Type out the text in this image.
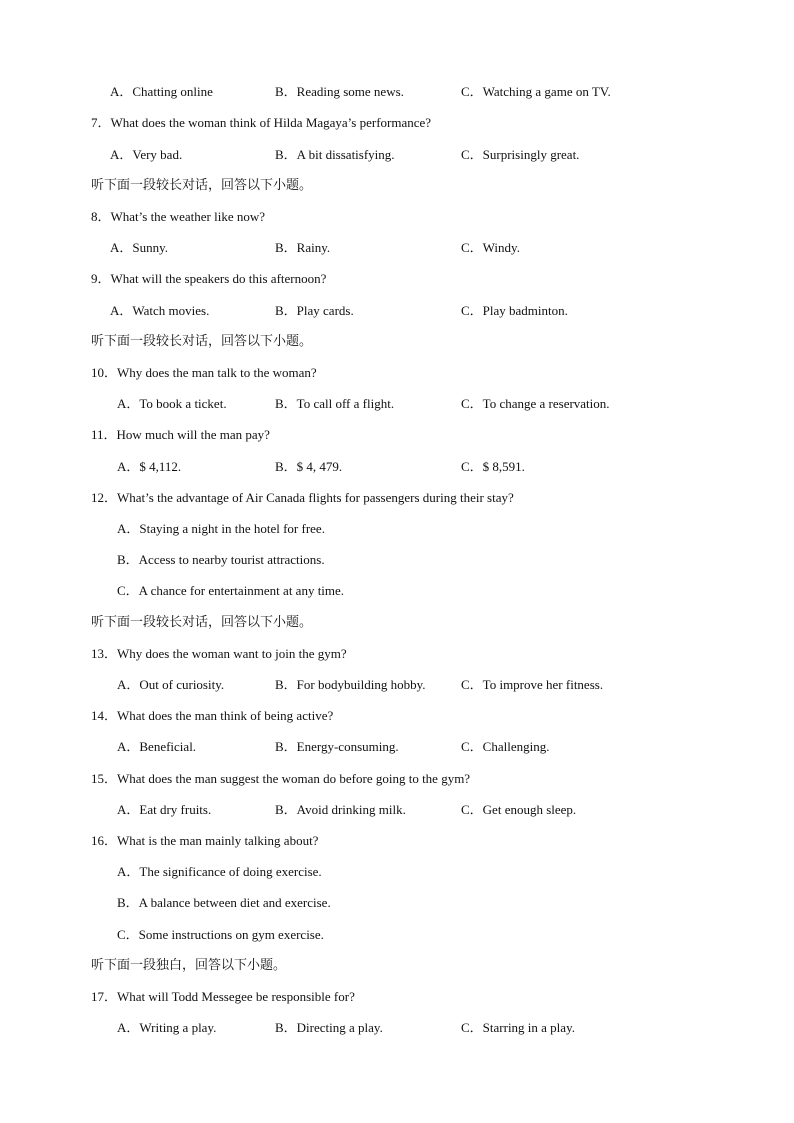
A．Chatting online	B．Reading some news.	C．Watching a game on TV.
7．What does the woman think of Hilda Magaya’s performance?
A．Very bad.	B．A bit dissatisfying.	C．Surprisingly great.
听下面一段较长对话，回答以下小题。
8．What’s the weather like now?
A．Sunny.	B．Rainy.	C．Windy.
9．What will the speakers do this afternoon?
A．Watch movies.	B．Play cards.	C．Play badminton.
听下面一段较长对话，回答以下小题。
10．Why does the man talk to the woman?
A．To book a ticket.	B．To call off a flight.	C．To change a reservation.
11．How much will the man pay?
A．$ 4,112.	B．$ 4, 479.	C．$ 8,591.
12．What’s the advantage of Air Canada flights for passengers during their stay?
A．Staying a night in the hotel for free.
B．Access to nearby tourist attractions.
C．A chance for entertainment at any time.
听下面一段较长对话，回答以下小题。
13．Why does the woman want to join the gym?
A．Out of curiosity.	B．For bodybuilding hobby.	C．To improve her fitness.
14．What does the man think of being active?
A．Beneficial.	B．Energy-consuming.	C．Challenging.
15．What does the man suggest the woman do before going to the gym?
A．Eat dry fruits.	B．Avoid drinking milk.	C．Get enough sleep.
16．What is the man mainly talking about?
A．The significance of doing exercise.
B．A balance between diet and exercise.
C．Some instructions on gym exercise.
听下面一段独白，回答以下小题。
17．What will Todd Messegee be responsible for?
A．Writing a play.	B．Directing a play.	C．Starring in a play.
